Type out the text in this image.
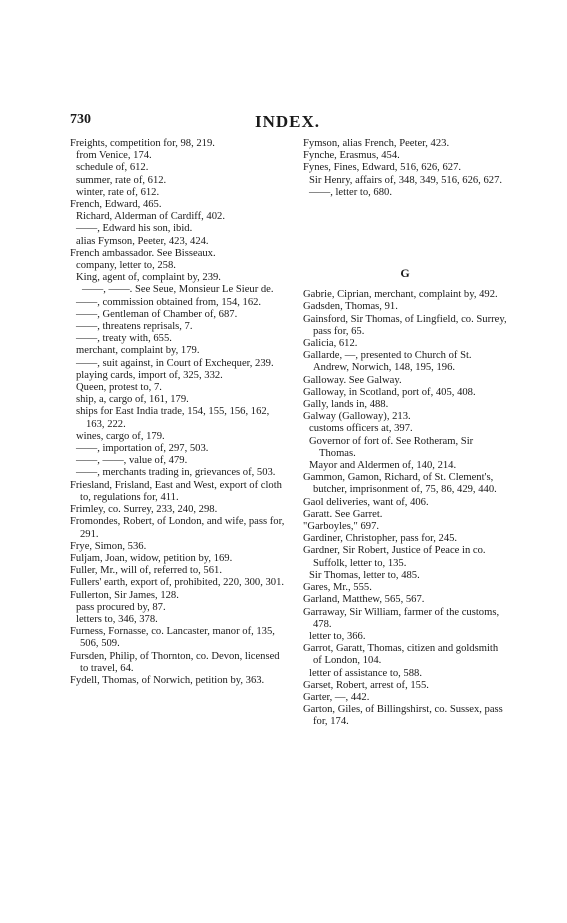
730	INDEX.
Freights, competition for, 98, 219.
from Venice, 174.
schedule of, 612.
summer, rate of, 612.
winter, rate of, 612.
French, Edward, 465.
Richard, Alderman of Cardiff, 402.
——, Edward his son, ibid.
alias Fymson, Peeter, 423, 424.
French ambassador. See Bisseaux.
company, letter to, 258.
King, agent of, complaint by, 239.
——, ——. See Seue, Monsieur Le Sieur de.
——, commission obtained from, 154, 162.
——, Gentleman of Chamber of, 687.
——, threatens reprisals, 7.
——, treaty with, 655.
merchant, complaint by, 179.
——, suit against, in Court of Exchequer, 239.
playing cards, import of, 325, 332.
Queen, protest to, 7.
ship, a, cargo of, 161, 179.
ships for East India trade, 154, 155, 156, 162, 163, 222.
wines, cargo of, 179.
——, importation of, 297, 503.
——, ——, value of, 479.
——, merchants trading in, grievances of, 503.
Friesland, Frisland, East and West, export of cloth to, regulations for, 411.
Frimley, co. Surrey, 233, 240, 298.
Fromondes, Robert, of London, and wife, pass for, 291.
Frye, Simon, 536.
Fuljam, Joan, widow, petition by, 169.
Fuller, Mr., will of, referred to, 561.
Fullers' earth, export of, prohibited, 220, 300, 301.
Fullerton, Sir James, 128.
pass procured by, 87.
letters to, 346, 378.
Furness, Fornasse, co. Lancaster, manor of, 135, 506, 509.
Fursden, Philip, of Thornton, co. Devon, licensed to travel, 64.
Fydell, Thomas, of Norwich, petition by, 363.
Fymson, alias French, Peeter, 423.
Fynche, Erasmus, 454.
Fynes, Fines, Edward, 516, 626, 627.
Sir Henry, affairs of, 348, 349, 516, 626, 627.
——, letter to, 680.
G
Gabrie, Ciprian, merchant, complaint by, 492.
Gadsden, Thomas, 91.
Gainsford, Sir Thomas, of Lingfield, co. Surrey, pass for, 65.
Galicia, 612.
Gallarde, —, presented to Church of St. Andrew, Norwich, 148, 195, 196.
Galloway. See Galway.
Galloway, in Scotland, port of, 405, 408.
Gally, lands in, 488.
Galway (Galloway), 213.
customs officers at, 397.
Governor of fort of. See Rotheram, Sir Thomas.
Mayor and Aldermen of, 140, 214.
Gammon, Gamon, Richard, of St. Clement's, butcher, imprisonment of, 75, 86, 429, 440.
Gaol deliveries, want of, 406.
Garatt. See Garret.
"Garboyles," 697.
Gardiner, Christopher, pass for, 245.
Gardner, Sir Robert, Justice of Peace in co. Suffolk, letter to, 135.
Sir Thomas, letter to, 485.
Gares, Mr., 555.
Garland, Matthew, 565, 567.
Garraway, Sir William, farmer of the customs, 478.
letter to, 366.
Garrot, Garatt, Thomas, citizen and goldsmith of London, 104.
letter of assistance to, 588.
Garset, Robert, arrest of, 155.
Garter, —, 442.
Garton, Giles, of Billingshirst, co. Sussex, pass for, 174.
